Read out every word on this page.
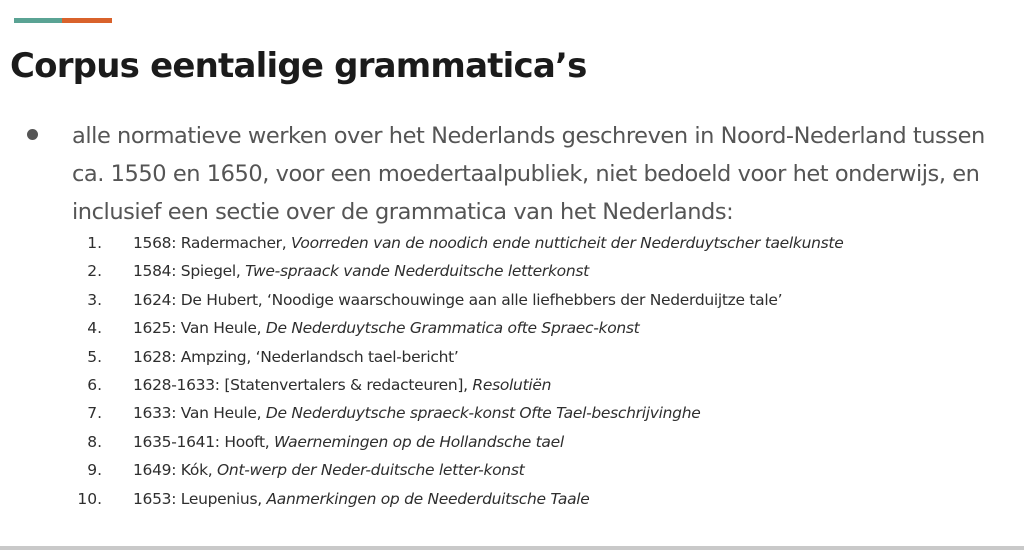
Corpus eentalige grammatica’s

alle normatieve werken over het Nederlands geschreven in Noord-Nederland tussen ca. 1550 en 1650, voor een moedertaalpubliek, niet bedoeld voor het onderwijs, en inclusief een sectie over de grammatica van het Nederlands:

1. 1568: Radermacher, Voorreden van de noodich ende nutticheit der Nederduytscher taelkunste
2. 1584: Spiegel, Twe-spraack vande Nederduitsche letterkonst
3. 1624: De Hubert, ‘Noodige waarschouwinge aan alle liefhebbers der Nederduijtze tale’
4. 1625: Van Heule, De Nederduytsche Grammatica ofte Spraec-konst
5. 1628: Ampzing, ‘Nederlandsch tael-bericht’
6. 1628-1633: [Statenvertalers & redacteuren], Resolutiën
7. 1633: Van Heule, De Nederduytsche spraeck-konst Ofte Tael-beschrijvinghe
8. 1635-1641: Hooft, Waernemingen op de Hollandsche tael
9. 1649: Kók, Ont-werp der Neder-duitsche letter-konst
10. 1653: Leupenius, Aanmerkingen op de Neederduitsche Taale
